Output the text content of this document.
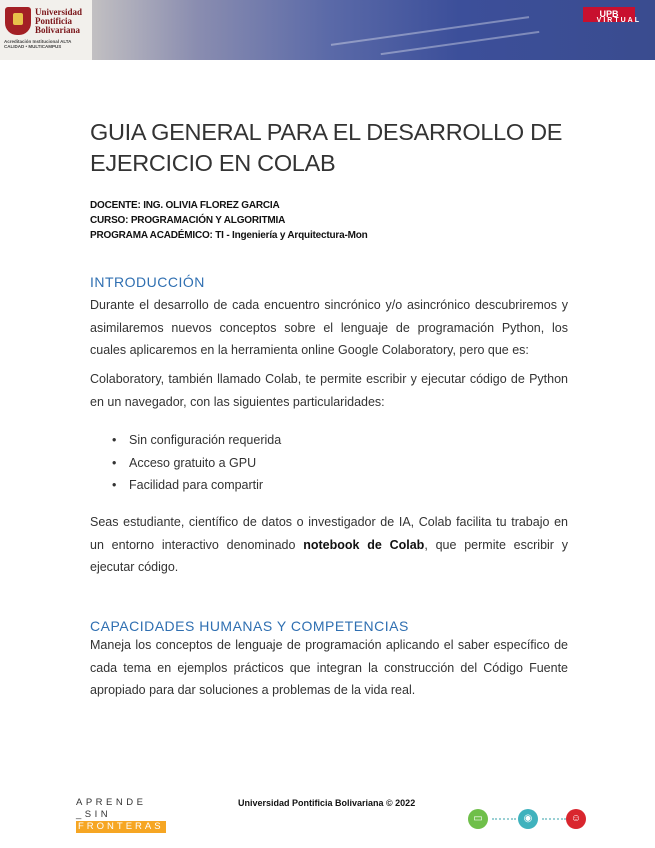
Universidad Pontificia Bolivariana
Acreditación Institucional ALTA CALIDAD • MULTICAMPUS
UPB
VIRTUAL
GUIA GENERAL PARA EL DESARROLLO DE
EJERCICIO EN COLAB
DOCENTE: ING. OLIVIA FLOREZ GARCIA
CURSO: PROGRAMACIÓN Y ALGORITMIA
PROGRAMA ACADÉMICO: TI - Ingeniería y Arquitectura-Mon
INTRODUCCIÓN
Durante el desarrollo de cada encuentro sincrónico y/o asincrónico descubriremos y asimilaremos nuevos conceptos sobre el lenguaje de programación Python, los cuales aplicaremos en la herramienta online Google Colaboratory, pero que es:
Colaboratory, también llamado Colab, te permite escribir y ejecutar código de Python en un navegador, con las siguientes particularidades:
• Sin configuración requerida
• Acceso gratuito a GPU
• Facilidad para compartir
Seas estudiante, científico de datos o investigador de IA, Colab facilita tu trabajo en un entorno interactivo denominado notebook de Colab, que permite escribir y ejecutar código.
CAPACIDADES HUMANAS Y COMPETENCIAS
Maneja los conceptos de lenguaje de programación aplicando el saber específico de cada tema en ejemplos prácticos que integran la construcción del Código Fuente apropiado para dar soluciones a problemas de la vida real.
APRENDE
_SIN
FRONTERAS
Universidad Pontificia Bolivariana © 2022
▭	◉	☺
